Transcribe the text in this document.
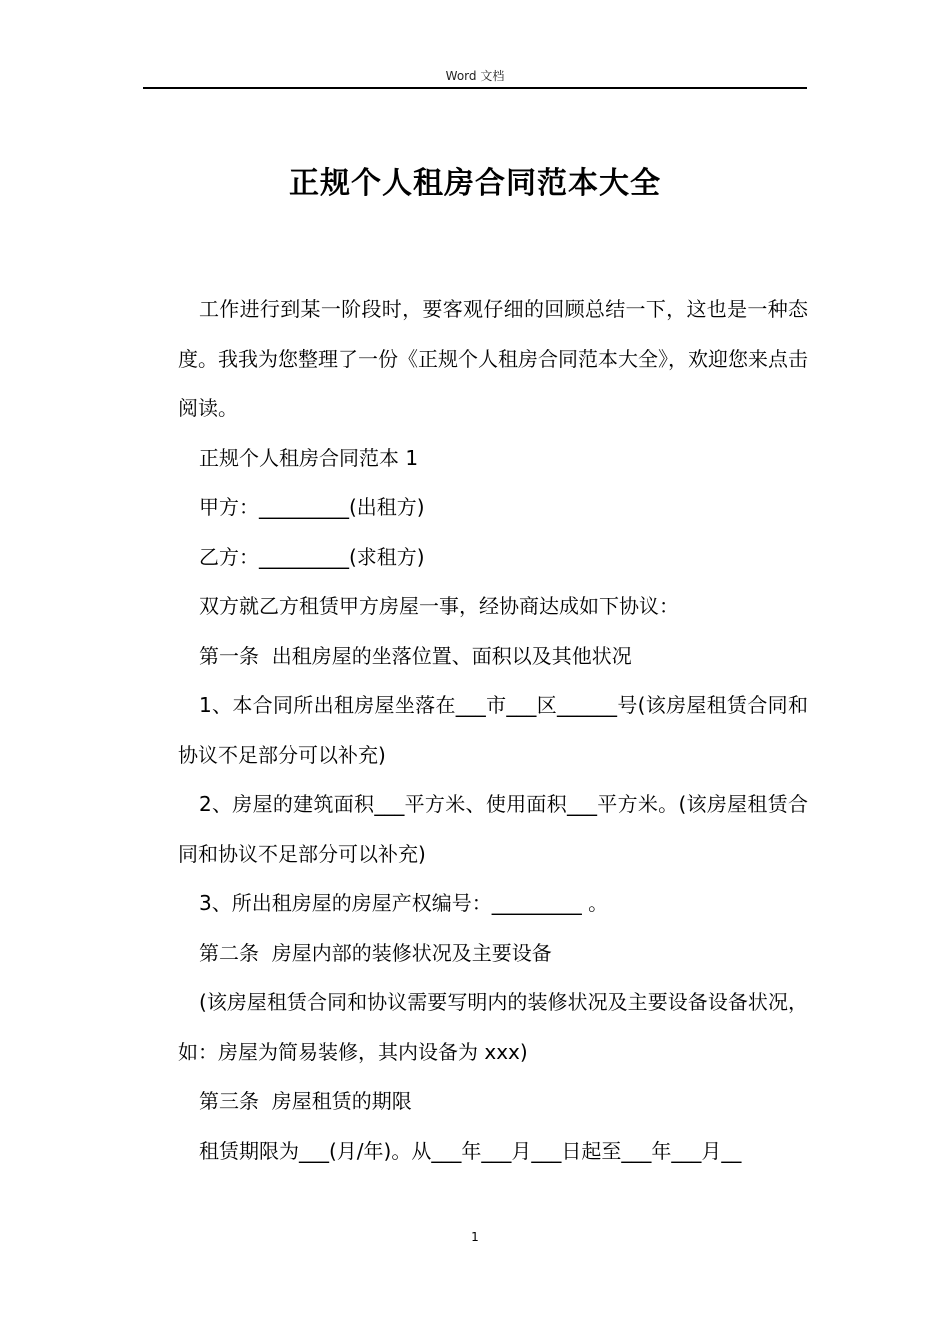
Word 文档
正规个人租房合同范本大全

工作进行到某一阶段时，要客观仔细的回顾总结一下，这也是一种态度。我我为您整理了一份《正规个人租房合同范本大全》，欢迎您来点击阅读。

正规个人租房合同范本 1

甲方：_________(出租方)

乙方：_________(求租方)

双方就乙方租赁甲方房屋一事，经协商达成如下协议：

第一条  出租房屋的坐落位置、面积以及其他状况

1、本合同所出租房屋坐落在___市___区______号(该房屋租赁合同和协议不足部分可以补充)

2、房屋的建筑面积___平方米、使用面积___平方米。(该房屋租赁合同和协议不足部分可以补充)

3、所出租房屋的房屋产权编号：_________ 。

第二条  房屋内部的装修状况及主要设备

(该房屋租赁合同和协议需要写明内的装修状况及主要设备设备状况，如：房屋为简易装修，其内设备为 xxx)

第三条  房屋租赁的期限

租赁期限为___(月/年)。从___年___月___日起至___年___月__

1
